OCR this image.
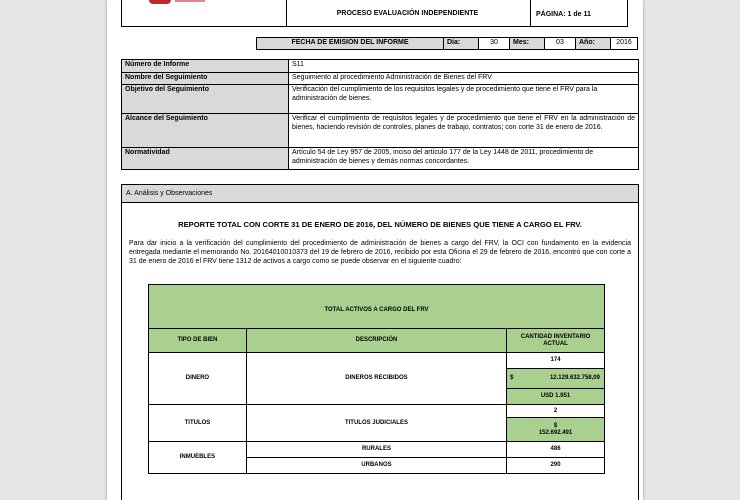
PROCESO EVALUACIÓN INDEPENDIENTE	PÁGINA: 1 de 11
FECHA DE EMISIÓN DEL INFORME	Día:	30	Mes:	03	Año:	2016
Número de Informe	S11
Nombre del Seguimiento	Seguimiento al procedimiento Administración de Bienes del FRV
Objetivo del Seguimiento	Verificación del cumplimiento de los requisitos legales y de procedimiento que tiene el FRV para la administración de bienes.
Alcance del Seguimiento	Verificar el cumplimiento de requisitos legales y de procedimiento que tiene el FRV en la administración de bienes, haciendo revisión de controles, planes de trabajo, contratos; con corte 31 de enero de 2016.
Normatividad	Artículo 54 de Ley 957 de 2005, inciso del artículo 177 de la Ley 1448 de 2011, procedimiento de administración de bienes y demás normas concordantes.
A. Análisis y Observaciones
REPORTE TOTAL CON CORTE 31 DE ENERO DE 2016, DEL NÚMERO DE BIENES QUE TIENE A CARGO EL FRV.
Para dar inicio a la verificación del cumplimiento del procedimiento de administración de bienes a cargo del FRV, la OCI con fundamento en la evidencia entregada mediante el memorando No. 20164010010373 del 19 de febrero de 2016, recibido por esta Oficina el 29 de febrero de 2016, encontró que con corte a 31 de enero de 2016 el FRV tiene 1312 de activos a cargo como se puede observar en el siguiente cuadro:
TOTAL ACTIVOS A CARGO DEL FRV		
TIPO DE BIEN	DESCRIPCIÓN	CANTIDAD INVENTARIO ACTUAL
DINERO	DINEROS RECIBIDOS	174

		$ 12.129.632.758,09

		USD 1.951
TITULOS	TITULOS JUDICIALES	2

		$
152.692.491

INMUEBLES	RURALES	486
	URBANOS	290
